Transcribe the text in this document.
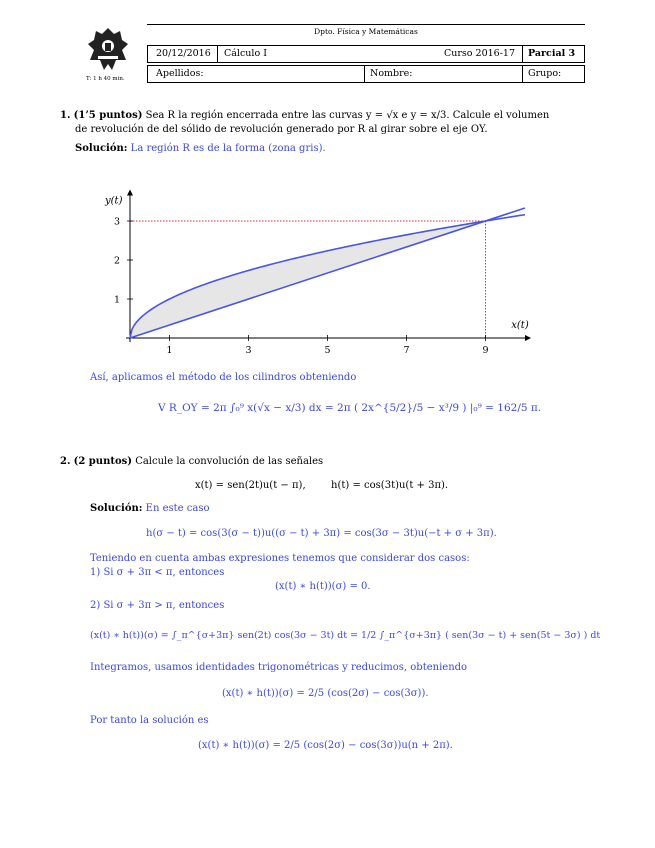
T: 1 h 40 min.
Dpto. Física y Matemáticas
20/12/2016 Cálculo I	Curso 2016-17 Parcial 3
Apellidos:	Nombre:	Grupo:
1. (1’5 puntos) Sea R la región encerrada entre las curvas y = √x e y = x/3. Calcule el volumen
de revolución de del sólido de revolución generado por R al girar sobre el eje OY.
Solución: La región R es de la forma (zona gris).
1	3	5	7	9
1
2
3
y(t)
x(t)
Así, aplicamos el método de los cilindros obteniendo
V R_OY = 2π ∫₀⁹ x(√x − x/3) dx = 2π ( 2x^{5/2}/5 − x³/9 ) |₀⁹ = 162/5 π.
2. (2 puntos) Calcule la convolución de las señales
x(t) = sen(2t)u(t − π),        h(t) = cos(3t)u(t + 3π).
Solución: En este caso
h(σ − t) = cos(3(σ − t))u((σ − t) + 3π) = cos(3σ − 3t)u(−t + σ + 3π).
Teniendo en cuenta ambas expresiones tenemos que considerar dos casos:
1) Si σ + 3π < π, entonces
(x(t) ∗ h(t))(σ) = 0.
2) Si σ + 3π > π, entonces
(x(t) ∗ h(t))(σ) = ∫_π^{σ+3π} sen(2t) cos(3σ − 3t) dt = 1/2 ∫_π^{σ+3π} ( sen(3σ − t) + sen(5t − 3σ) ) dt
Integramos, usamos identidades trigonométricas y reducimos, obteniendo
(x(t) ∗ h(t))(σ) = 2/5 (cos(2σ) − cos(3σ)).
Por tanto la solución es
(x(t) ∗ h(t))(σ) = 2/5 (cos(2σ) − cos(3σ))u(n + 2π).
